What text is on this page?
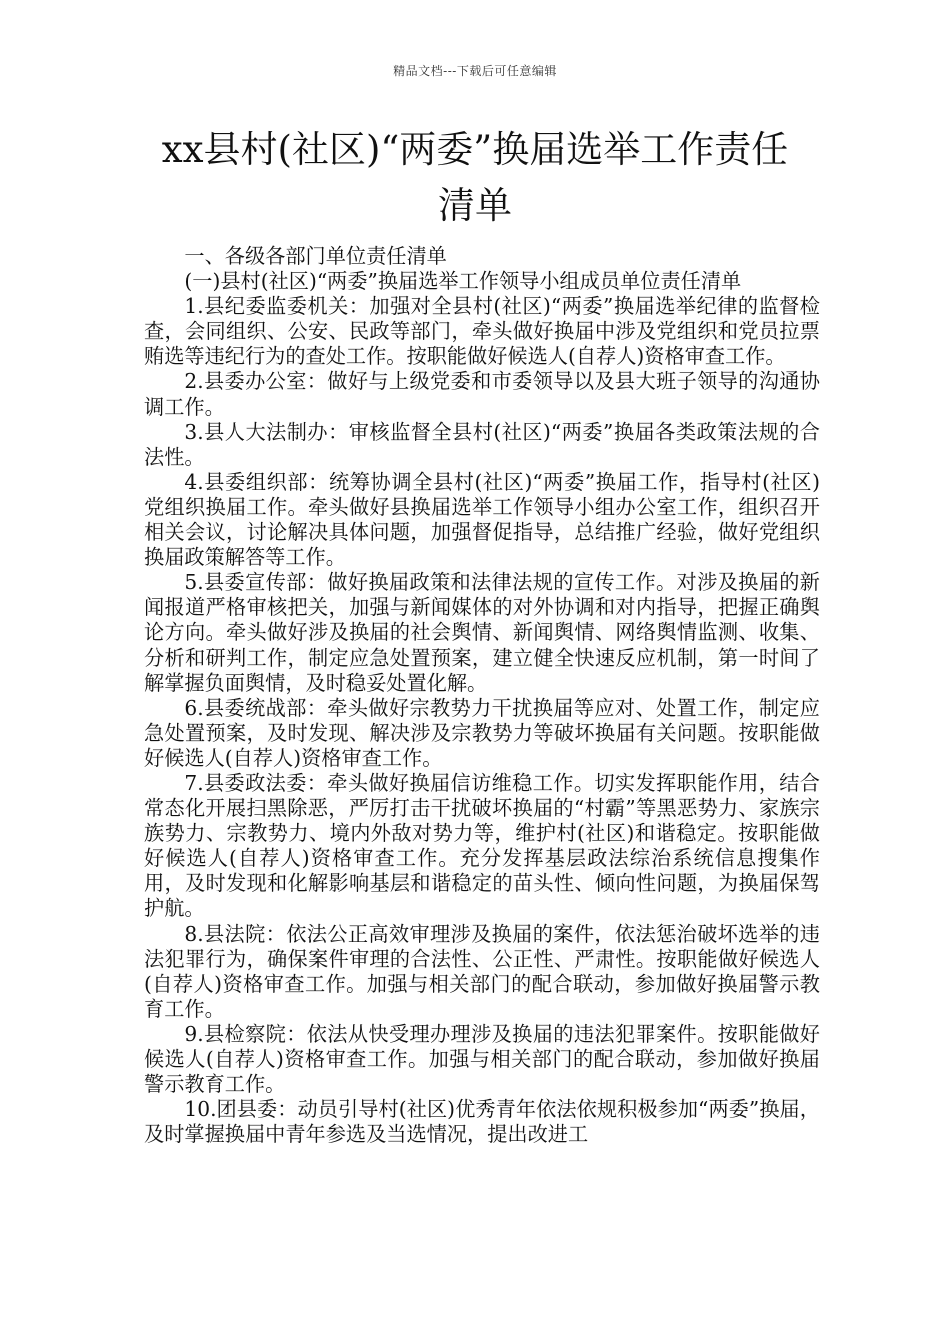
精品文档---下载后可任意编辑
xx县村(社区)“两委”换届选举工作责任
清单

一、各级各部门单位责任清单

(一)县村(社区)“两委”换届选举工作领导小组成员单位责任清单

1.县纪委监委机关：加强对全县村(社区)“两委”换届选举纪律的监督检查，会同组织、公安、民政等部门，牵头做好换届中涉及党组织和党员拉票贿选等违纪行为的查处工作。按职能做好候选人(自荐人)资格审查工作。

2.县委办公室：做好与上级党委和市委领导以及县大班子领导的沟通协调工作。

3.县人大法制办：审核监督全县村(社区)“两委”换届各类政策法规的合法性。

4.县委组织部：统筹协调全县村(社区)“两委”换届工作，指导村(社区)党组织换届工作。牵头做好县换届选举工作领导小组办公室工作，组织召开相关会议，讨论解决具体问题，加强督促指导，总结推广经验，做好党组织换届政策解答等工作。

5.县委宣传部：做好换届政策和法律法规的宣传工作。对涉及换届的新闻报道严格审核把关，加强与新闻媒体的对外协调和对内指导，把握正确舆论方向。牵头做好涉及换届的社会舆情、新闻舆情、网络舆情监测、收集、分析和研判工作，制定应急处置预案，建立健全快速反应机制，第一时间了解掌握负面舆情，及时稳妥处置化解。

6.县委统战部：牵头做好宗教势力干扰换届等应对、处置工作，制定应急处置预案，及时发现、解决涉及宗教势力等破坏换届有关问题。按职能做好候选人(自荐人)资格审查工作。

7.县委政法委：牵头做好换届信访维稳工作。切实发挥职能作用，结合常态化开展扫黑除恶，严厉打击干扰破坏换届的“村霸”等黑恶势力、家族宗族势力、宗教势力、境内外敌对势力等，维护村(社区)和谐稳定。按职能做好候选人(自荐人)资格审查工作。充分发挥基层政法综治系统信息搜集作用，及时发现和化解影响基层和谐稳定的苗头性、倾向性问题，为换届保驾护航。

8.县法院：依法公正高效审理涉及换届的案件，依法惩治破坏选举的违法犯罪行为，确保案件审理的合法性、公正性、严肃性。按职能做好候选人(自荐人)资格审查工作。加强与相关部门的配合联动，参加做好换届警示教育工作。

9.县检察院：依法从快受理办理涉及换届的违法犯罪案件。按职能做好候选人(自荐人)资格审查工作。加强与相关部门的配合联动，参加做好换届警示教育工作。

10.团县委：动员引导村(社区)优秀青年依法依规积极参加“两委”换届，及时掌握换届中青年参选及当选情况，提出改进工
